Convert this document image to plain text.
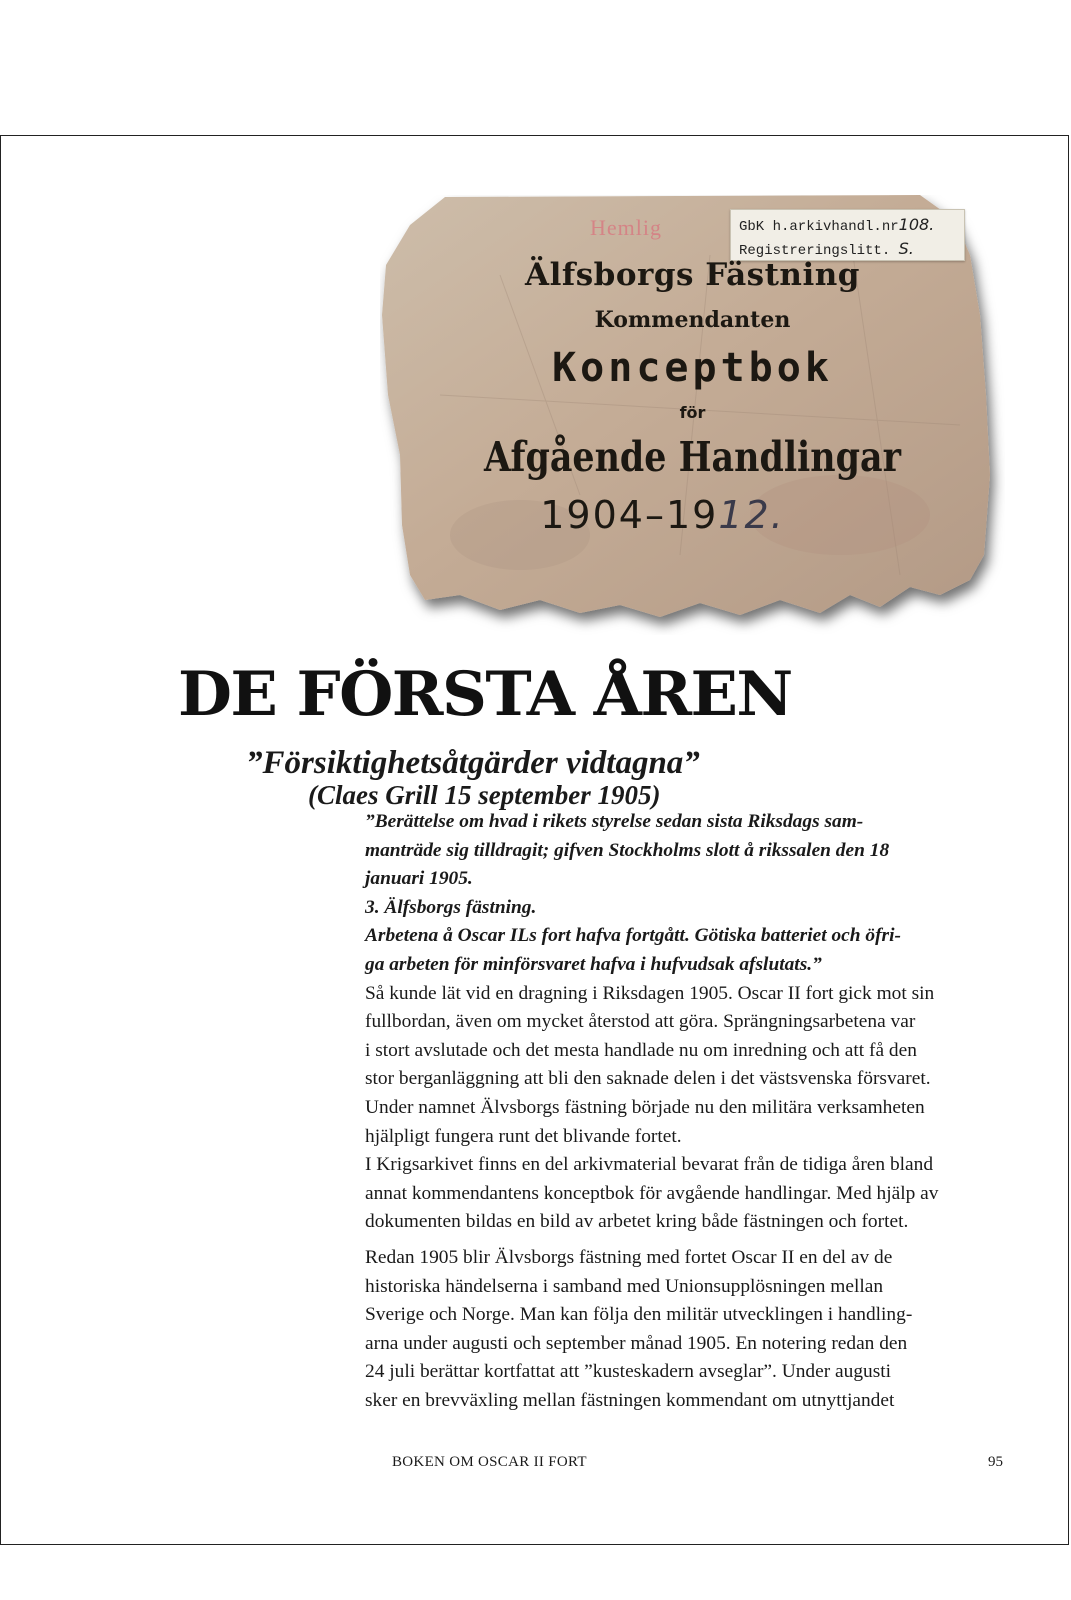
Hemlig	GbK h.arkivhandl.nr108.
Registreringslitt. S.
Älfsborgs Fästning
Kommendanten
Konceptbok
för
Afgående Handlingar
1904–1912.
DE FÖRSTA ÅREN
”Försiktighetsåtgärder vidtagna”
(Claes Grill 15 september 1905)

”Berättelse om hvad i rikets styrelse sedan sista Riksdags sam-

manträde sig tilldragit; gifven Stockholms slott å rikssalen den 18

januari 1905.

3. Älfsborgs fästning.

Arbetena å Oscar ILs fort hafva fortgått. Götiska batteriet och öfri-

ga arbeten för minförsvaret hafva i hufvudsak afslutats.”

Så kunde lät vid en dragning i Riksdagen 1905. Oscar II fort gick mot sin

fullbordan, även om mycket återstod att göra. Sprängningsarbetena var

i stort avslutade och det mesta handlade nu om inredning och att få den

stor berganläggning att bli den saknade delen i det västsvenska försvaret.

Under namnet Älvsborgs fästning började nu den militära verksamheten

hjälpligt fungera runt det blivande fortet.

I Krigsarkivet finns en del arkivmaterial bevarat från de tidiga åren bland

annat kommendantens konceptbok för avgående handlingar. Med hjälp av

dokumenten bildas en bild av arbetet kring både fästningen och fortet.

Redan 1905 blir Älvsborgs fästning med fortet Oscar II en del av de

historiska händelserna i samband med Unionsupplösningen mellan

Sverige och Norge. Man kan följa den militär utvecklingen i handling-

arna under augusti och september månad 1905. En notering redan den

24 juli berättar kortfattat att ”kusteskadern avseglar”. Under augusti

sker en brevväxling mellan fästningen kommendant om utnyttjandet

BOKEN OM OSCAR II FORT	95
